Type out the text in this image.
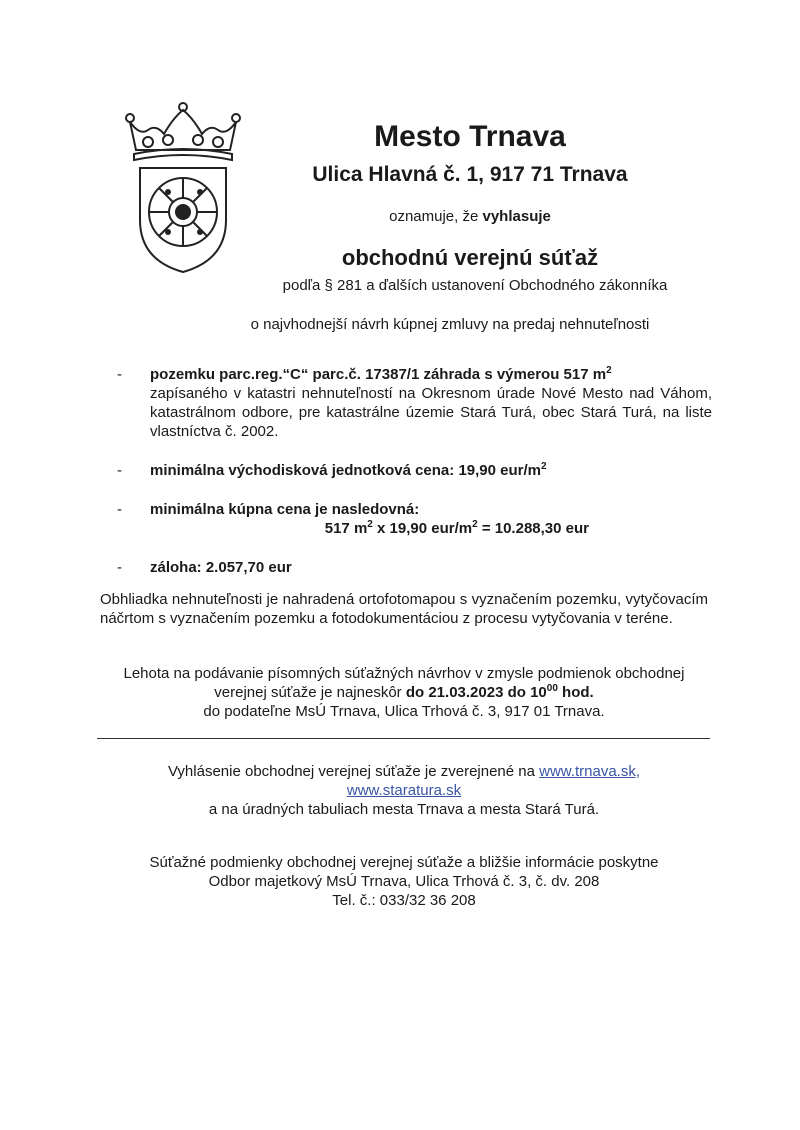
Mesto Trnava
Ulica Hlavná č. 1, 917 71 Trnava
oznamuje, že vyhlasuje
obchodnú verejnú súťaž
podľa § 281 a ďalších ustanovení Obchodného zákonníka
o najvhodnejší návrh kúpnej zmluvy na predaj nehnuteľnosti
- pozemku parc.reg.“C“ parc.č. 17387/1 záhrada s výmerou 517 $m^2$
zapísaného v katastri nehnuteľností na Okresnom úrade Nové Mesto nad Váhom, katastrálnom odbore, pre katastrálne územie Stará Turá, obec Stará Turá, na liste vlastníctva č. 2002.
- minimálna východisková jednotková cena: 19,90 eur/$m^2$
- minimálna kúpna cena je nasledovná:
517 $m^2$ x 19,90 eur/$m^2 = 10.288,30$ eur
- záloha: 2.057,70 eur
Obhliadka nehnuteľnosti je nahradená ortofotomapou s vyznačením pozemku, vytyčovacím náčrtom s vyznačením pozemku a fotodokumentáciou z procesu vytyčovania v teréne.
Lehota na podávanie písomných súťažných návrhov v zmysle podmienok obchodnej
verejnej súťaže je najneskôr do 21.03.2023 do $10^{00}$ hod.
do podateľne MsÚ Trnava, Ulica Trhová č. 3, 917 01 Trnava.
Vyhlásenie obchodnej verejnej súťaže je zverejnené na www.trnava.sk,
www.staratura.sk
a na úradných tabuliach mesta Trnava a mesta Stará Turá.
Súťažné podmienky obchodnej verejnej súťaže a bližšie informácie poskytne
Odbor majetkový MsÚ Trnava, Ulica Trhová č. 3, č. dv. 208
Tel. č.: 033/32 36 208
